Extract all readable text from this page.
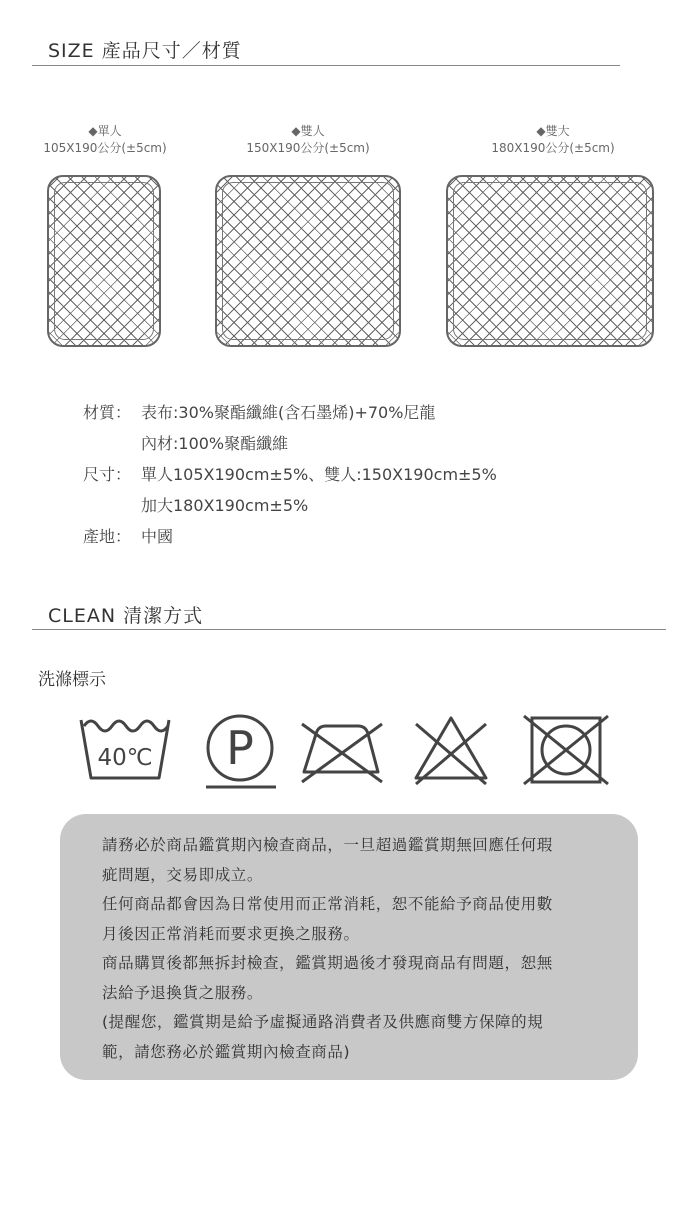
SIZE 產品尺寸／材質
◆單人
105X190公分(±5cm)
◆雙人
150X190公分(±5cm)
◆雙大
180X190公分(±5cm)
材質： 表布:30%聚酯纖維(含石墨烯)+70%尼龍
內材:100%聚酯纖維
尺寸： 單人105X190cm±5%、雙人:150X190cm±5%
加大180X190cm±5%
產地： 中國
CLEAN 清潔方式
洗滌標示
40℃ P

請務必於商品鑑賞期內檢查商品，一旦超過鑑賞期無回應任何瑕

疵問題，交易即成立。

任何商品都會因為日常使用而正常消耗，恕不能給予商品使用數

月後因正常消耗而要求更換之服務。

商品購買後都無拆封檢查，鑑賞期過後才發現商品有問題，恕無

法給予退換貨之服務。

(提醒您，鑑賞期是給予虛擬通路消費者及供應商雙方保障的規

範，請您務必於鑑賞期內檢查商品)
